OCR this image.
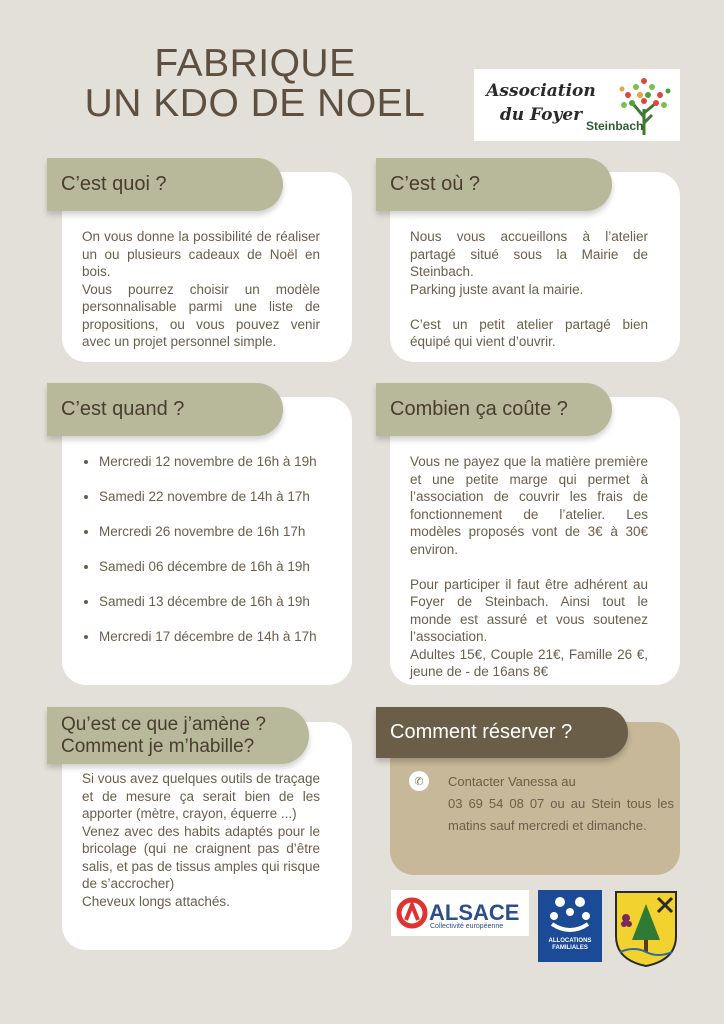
FABRIQUE
UN KDO DE NOEL	Association du Foyer
Steinbach
C’est quoi ?
On vous donne la possibilité de réaliser un ou plusieurs cadeaux de Noël en bois.
Vous pourrez choisir un modèle personnalisable parmi une liste de propositions, ou vous pouvez venir avec un projet personnel simple.
C’est où ?
Nous vous accueillons à l’atelier partagé situé sous la Mairie de Steinbach.
Parking juste avant la mairie.

C’est un petit atelier partagé bien équipé qui vient d’ouvrir.
C’est quand ?
• Mercredi 12 novembre de 16h à 19h
• Samedi 22 novembre de 14h à 17h
• Mercredi 26 novembre de 16h 17h
• Samedi 06 décembre de 16h à 19h
• Samedi 13 décembre de 16h à 19h
• Mercredi 17 décembre de 14h à 17h
Combien ça coûte ?
Vous ne payez que la matière première et une petite marge qui permet à l’association de couvrir les frais de fonctionnement de l’atelier. Les modèles proposés vont de 3€ à 30€ environ.

Pour participer il faut être adhérent au Foyer de Steinbach. Ainsi tout le monde est assuré et vous soutenez l’association.
Adultes 15€, Couple 21€, Famille 26 €, jeune de - de 16ans 8€
Qu’est ce que j’amène ?
Comment je m’habille?
Si vous avez quelques outils de traçage et de mesure ça serait bien de les apporter (mètre, crayon, équerre ...)
Venez avec des habits adaptés pour le bricolage (qui ne craignent pas d’être salis, et pas de tissus amples qui risque de s’accrocher)
Cheveux longs attachés.
Comment réserver ?
✆	Contacter Vanessa au
03 69 54 08 07 ou au Stein tous les matins sauf mercredi et dimanche.
ALSACE
Collectivité européenne
ALLOCATIONS
FAMILIALES
